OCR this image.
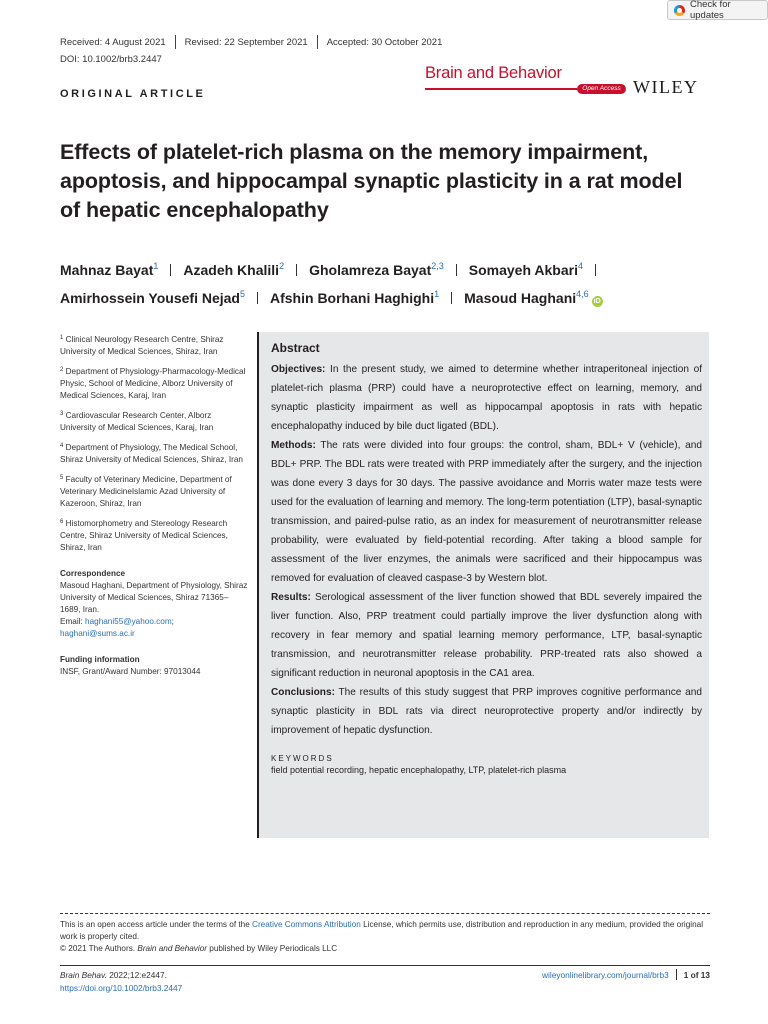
Check for updates
Received: 4 August 2021 Revised: 22 September 2021 Accepted: 30 October 2021
DOI: 10.1002/brb3.2447
Brain and Behavior
Open Access WILEY
ORIGINAL ARTICLE
Effects of platelet-rich plasma on the memory impairment, apoptosis, and hippocampal synaptic plasticity in a rat model of hepatic encephalopathy
Mahnaz Bayat$^1$ Azadeh Khalili$^2$ Gholamreza Bayat$^{2,3}$ Somayeh Akbari$^4$
Amirhossein Yousefi Nejad$^5$ Afshin Borhani Haghighi$^1$ Masoud Haghani$^{4,6}$iD
$^1$ Clinical Neurology Research Centre, Shiraz University of Medical Sciences, Shiraz, Iran
$^2$ Department of Physiology-Pharmacology-Medical Physic, School of Medicine, Alborz University of Medical Sciences, Karaj, Iran
$^3$ Cardiovascular Research Center, Alborz University of Medical Sciences, Karaj, Iran
$^4$ Department of Physiology, The Medical School, Shiraz University of Medical Sciences, Shiraz, Iran
$^5$ Faculty of Veterinary Medicine, Department of Veterinary MedicineIslamic Azad University of Kazeroon, Shiraz, Iran
$^6$ Histomorphometry and Stereology Research Centre, Shiraz University of Medical Sciences, Shiraz, Iran
Correspondence
Masoud Haghani, Department of Physiology, Shiraz University of Medical Sciences, Shiraz 71365–1689, Iran.
Email: haghani55@yahoo.com;
haghani@sums.ac.ir
Funding information
INSF, Grant/Award Number: 97013044
Abstract
Objectives: In the present study, we aimed to determine whether intraperitoneal injection of platelet-rich plasma (PRP) could have a neuroprotective effect on learning, memory, and synaptic plasticity impairment as well as hippocampal apoptosis in rats with hepatic encephalopathy induced by bile duct ligated (BDL).
Methods: The rats were divided into four groups: the control, sham, BDL+ V (vehicle), and BDL+ PRP. The BDL rats were treated with PRP immediately after the surgery, and the injection was done every 3 days for 30 days. The passive avoidance and Morris water maze tests were used for the evaluation of learning and memory. The long-term potentiation (LTP), basal-synaptic transmission, and paired-pulse ratio, as an index for measurement of neurotransmitter release probability, were evaluated by field-potential recording. After taking a blood sample for assessment of the liver enzymes, the animals were sacrificed and their hippocampus was removed for evaluation of cleaved caspase-3 by Western blot.
Results: Serological assessment of the liver function showed that BDL severely impaired the liver function. Also, PRP treatment could partially improve the liver dysfunction along with recovery in fear memory and spatial learning memory performance, LTP, basal-synaptic transmission, and neurotransmitter release probability. PRP-treated rats also showed a significant reduction in neuronal apoptosis in the CA1 area.
Conclusions: The results of this study suggest that PRP improves cognitive performance and synaptic plasticity in BDL rats via direct neuroprotective property and/or indirectly by improvement of hepatic dysfunction.
KEYWORDS
field potential recording, hepatic encephalopathy, LTP, platelet-rich plasma
This is an open access article under the terms of the Creative Commons Attribution License, which permits use, distribution and reproduction in any medium, provided the original work is properly cited.
© 2021 The Authors. Brain and Behavior published by Wiley Periodicals LLC
Brain Behav. 2022;12:e2447.
https://doi.org/10.1002/brb3.2447
wileyonlinelibrary.com/journal/brb3 1 of 13
